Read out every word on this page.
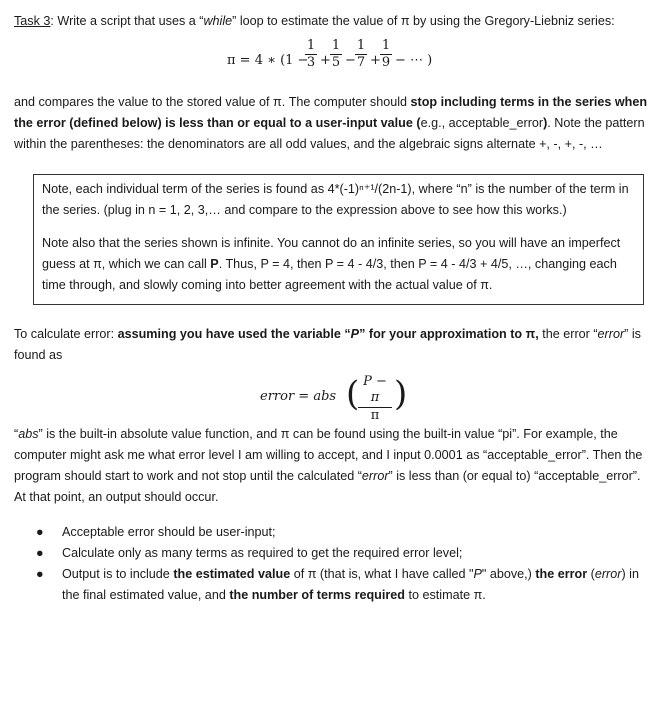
Task 3: Write a script that uses a “while” loop to estimate the value of π by using the Gregory-Liebniz series:

π = 4 ∗ (1 −
1
3 +
1
5 −
1
7 +
1
9 − ⋯ )

and compares the value to the stored value of π. The computer should stop including terms in the series when the error (defined below) is less than or equal to a user-input value (e.g., acceptable_error). Note the pattern within the parentheses: the denominators are all odd values, and the algebraic signs alternate +, -, +, -, …

Note, each individual term of the series is found as 4*(-1)ⁿ⁺¹/(2n-1), where “n” is the number of the term in the series. (plug in n = 1, 2, 3,… and compare to the expression above to see how this works.)

Note also that the series shown is infinite. You cannot do an infinite series, so you will have an imperfect guess at π, which we can call P. Thus, P = 4, then P = 4 - 4/3, then P = 4 - 4/3 + 4/5, …, changing each time through, and slowly coming into better agreement with the actual value of π.

To calculate error: assuming you have used the variable “P” for your approximation to π, the error “error” is found as

error = abs ( P − π
π
)

“abs” is the built-in absolute value function, and π can be found using the built-in value “pi”. For example, the computer might ask me what error level I am willing to accept, and I input 0.0001 as “acceptable_error”. Then the program should start to work and not stop until the calculated “error” is less than (or equal to) “acceptable_error”. At that point, an output should occur.

● Acceptable error should be user-input;
● Calculate only as many terms as required to get the required error level;
● Output is to include the estimated value of π (that is, what I have called "P" above,) the error (error) in the final estimated value, and the number of terms required to estimate π.
